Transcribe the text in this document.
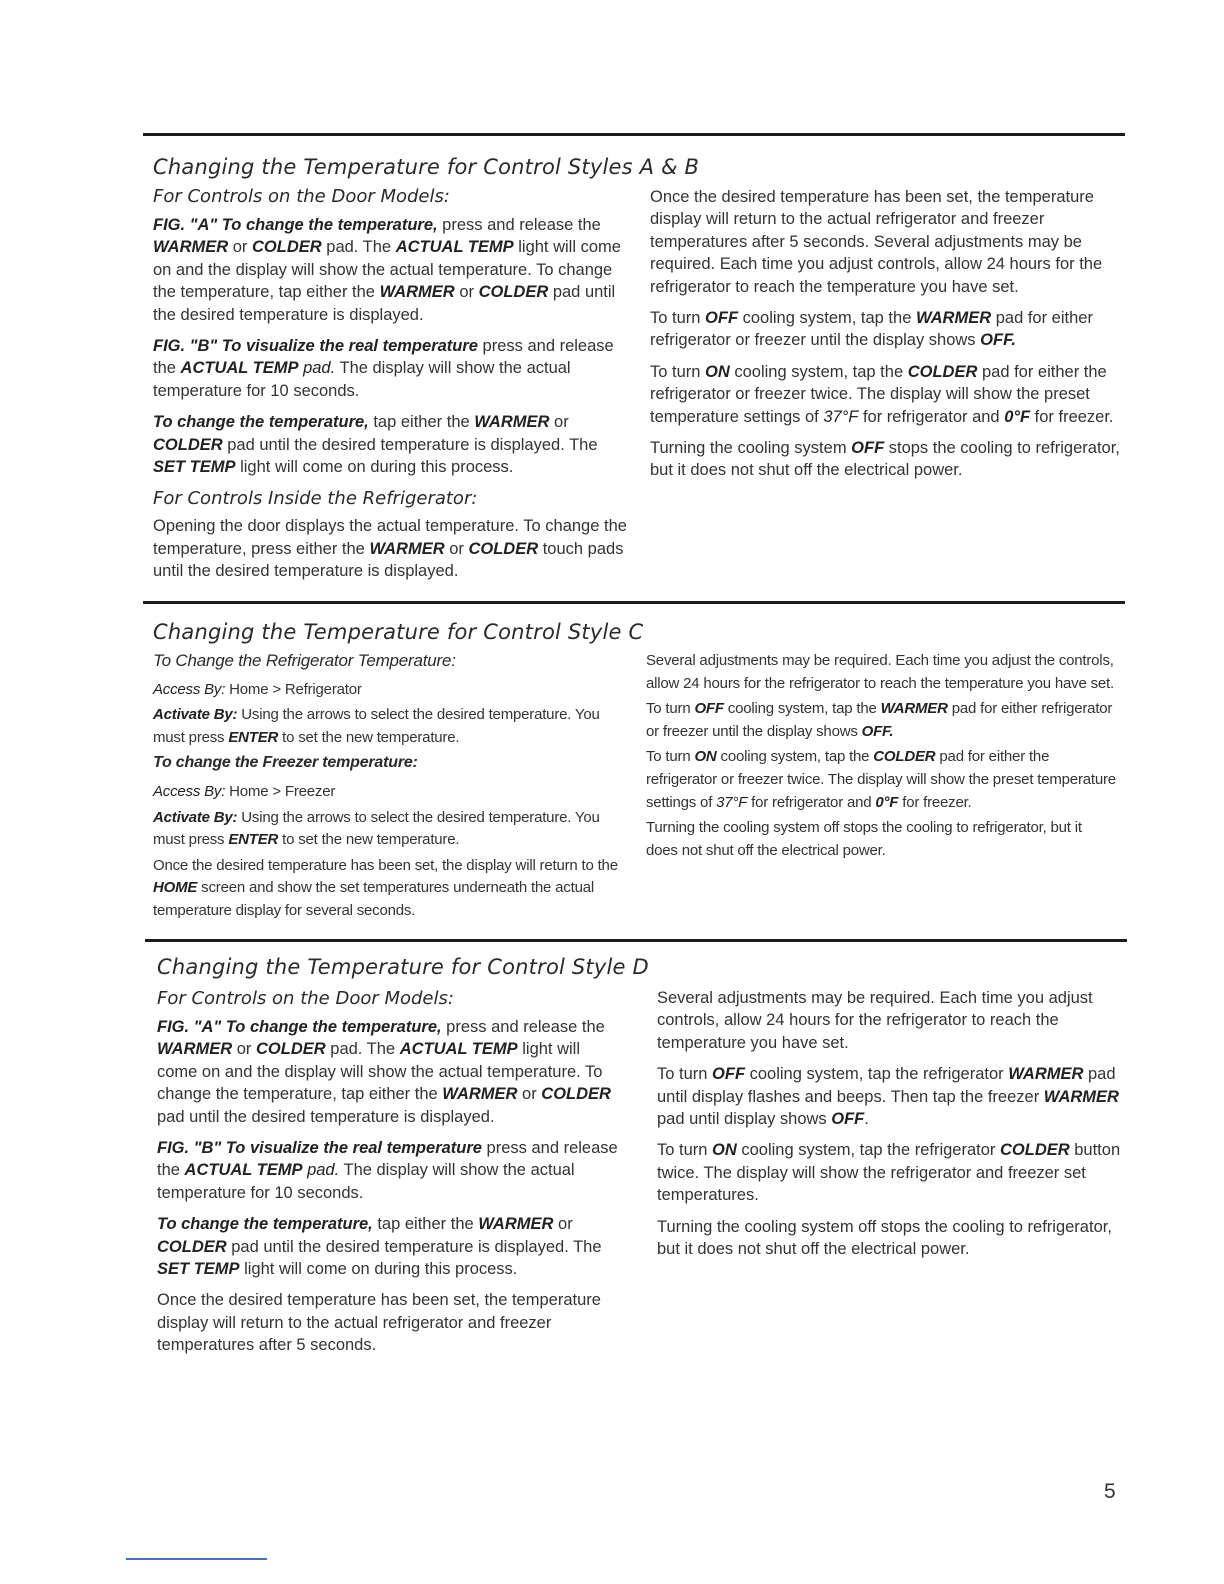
Changing the Temperature for Control Styles A & B
For Controls on the Door Models:

FIG. "A" To change the temperature, press and release the WARMER or COLDER pad. The ACTUAL TEMP light will come on and the display will show the actual temperature. To change the temperature, tap either the WARMER or COLDER pad until the desired temperature is displayed.

FIG. "B" To visualize the real temperature press and release the ACTUAL TEMP pad. The display will show the actual temperature for 10 seconds.

To change the temperature, tap either the WARMER or COLDER pad until the desired temperature is displayed. The SET TEMP light will come on during this process.

For Controls Inside the Refrigerator:

Opening the door displays the actual temperature. To change the temperature, press either the WARMER or COLDER touch pads until the desired temperature is displayed.

Once the desired temperature has been set, the temperature display will return to the actual refrigerator and freezer temperatures after 5 seconds. Several adjustments may be required. Each time you adjust controls, allow 24 hours for the refrigerator to reach the temperature you have set.

To turn OFF cooling system, tap the WARMER pad for either refrigerator or freezer until the display shows OFF.

To turn ON cooling system, tap the COLDER pad for either the refrigerator or freezer twice. The display will show the preset temperature settings of 37°F for refrigerator and 0°F for freezer.

Turning the cooling system OFF stops the cooling to refrigerator, but it does not shut off the electrical power.

Changing the Temperature for Control Style C
To Change the Refrigerator Temperature:

Access By: Home > Refrigerator

Activate By: Using the arrows to select the desired temperature. You must press ENTER to set the new temperature.

To change the Freezer temperature:

Access By: Home > Freezer

Activate By: Using the arrows to select the desired temperature. You must press ENTER to set the new temperature.

Once the desired temperature has been set, the display will return to the HOME screen and show the set temperatures underneath the actual temperature display for several seconds.

Several adjustments may be required. Each time you adjust the controls, allow 24 hours for the refrigerator to reach the temperature you have set.

To turn OFF cooling system, tap the WARMER pad for either refrigerator or freezer until the display shows OFF.

To turn ON cooling system, tap the COLDER pad for either the refrigerator or freezer twice. The display will show the preset temperature settings of 37°F for refrigerator and 0°F for freezer.

Turning the cooling system off stops the cooling to refrigerator, but it does not shut off the electrical power.

Changing the Temperature for Control Style D
For Controls on the Door Models:

FIG. "A" To change the temperature, press and release the WARMER or COLDER pad. The ACTUAL TEMP light will come on and the display will show the actual temperature. To change the temperature, tap either the WARMER or COLDER pad until the desired temperature is displayed.

FIG. "B" To visualize the real temperature press and release the ACTUAL TEMP pad. The display will show the actual temperature for 10 seconds.

To change the temperature, tap either the WARMER or COLDER pad until the desired temperature is displayed. The SET TEMP light will come on during this process.

Once the desired temperature has been set, the temperature display will return to the actual refrigerator and freezer temperatures after 5 seconds.

Several adjustments may be required. Each time you adjust controls, allow 24 hours for the refrigerator to reach the temperature you have set.

To turn OFF cooling system, tap the refrigerator WARMER pad until display flashes and beeps. Then tap the freezer WARMER pad until display shows OFF.

To turn ON cooling system, tap the refrigerator COLDER button twice. The display will show the refrigerator and freezer set temperatures.

Turning the cooling system off stops the cooling to refrigerator, but it does not shut off the electrical power.

5
